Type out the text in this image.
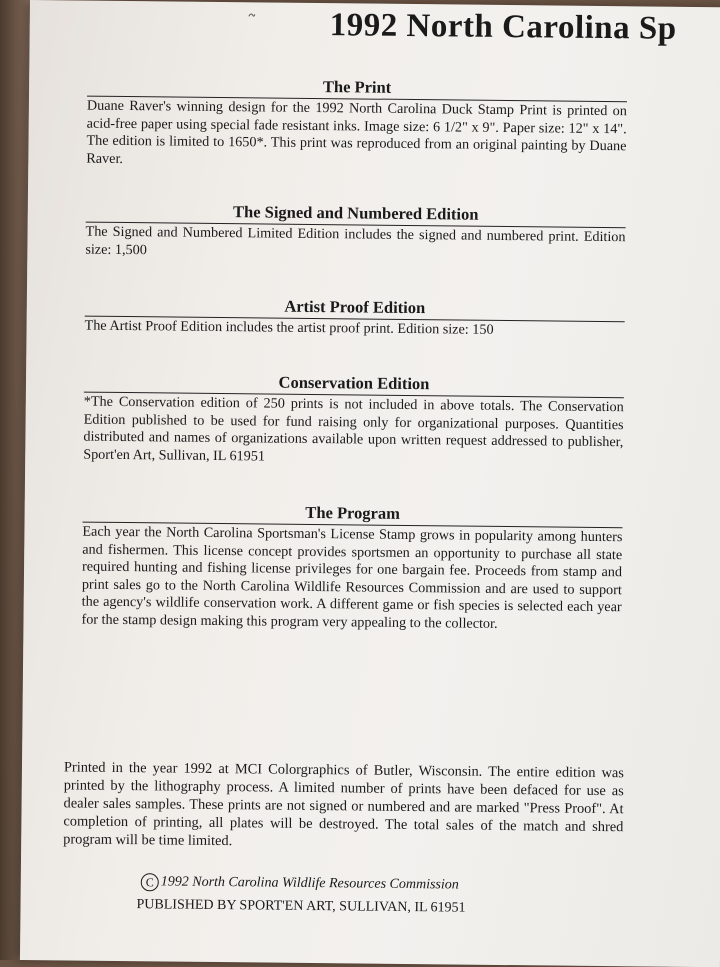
1992 North Carolina Sp
The Print

Duane Raver's winning design for the 1992 North Carolina Duck Stamp Print is printed on acid-free paper using special fade resistant inks. Image size: 6 1/2" x 9". Paper size: 12" x 14". The edition is limited to 1650*. This print was reproduced from an original painting by Duane Raver.

The Signed and Numbered Edition

The Signed and Numbered Limited Edition includes the signed and numbered print. Edition size: 1,500

Artist Proof Edition

The Artist Proof Edition includes the artist proof print. Edition size: 150

Conservation Edition

*The Conservation edition of 250 prints is not included in above totals. The Conservation Edition published to be used for fund raising only for organizational purposes. Quantities distributed and names of organizations available upon written request addressed to publisher, Sport'en Art, Sullivan, IL 61951

The Program

Each year the North Carolina Sportsman's License Stamp grows in popularity among hunters and fishermen. This license concept provides sportsmen an opportunity to purchase all state required hunting and fishing license privileges for one bargain fee. Proceeds from stamp and print sales go to the North Carolina Wildlife Resources Commission and are used to support the agency's wildlife conservation work. A different game or fish species is selected each year for the stamp design making this program very appealing to the collector.

Printed in the year 1992 at MCI Colorgraphics of Butler, Wisconsin. The entire edition was printed by the lithography process. A limited number of prints have been defaced for use as dealer sales samples. These prints are not signed or numbered and are marked "Press Proof". At completion of printing, all plates will be destroyed. The total sales of the match and shred program will be time limited.
C 1992 North Carolina Wildlife Resources Commission
PUBLISHED BY SPORT'EN ART, SULLIVAN, IL 61951
